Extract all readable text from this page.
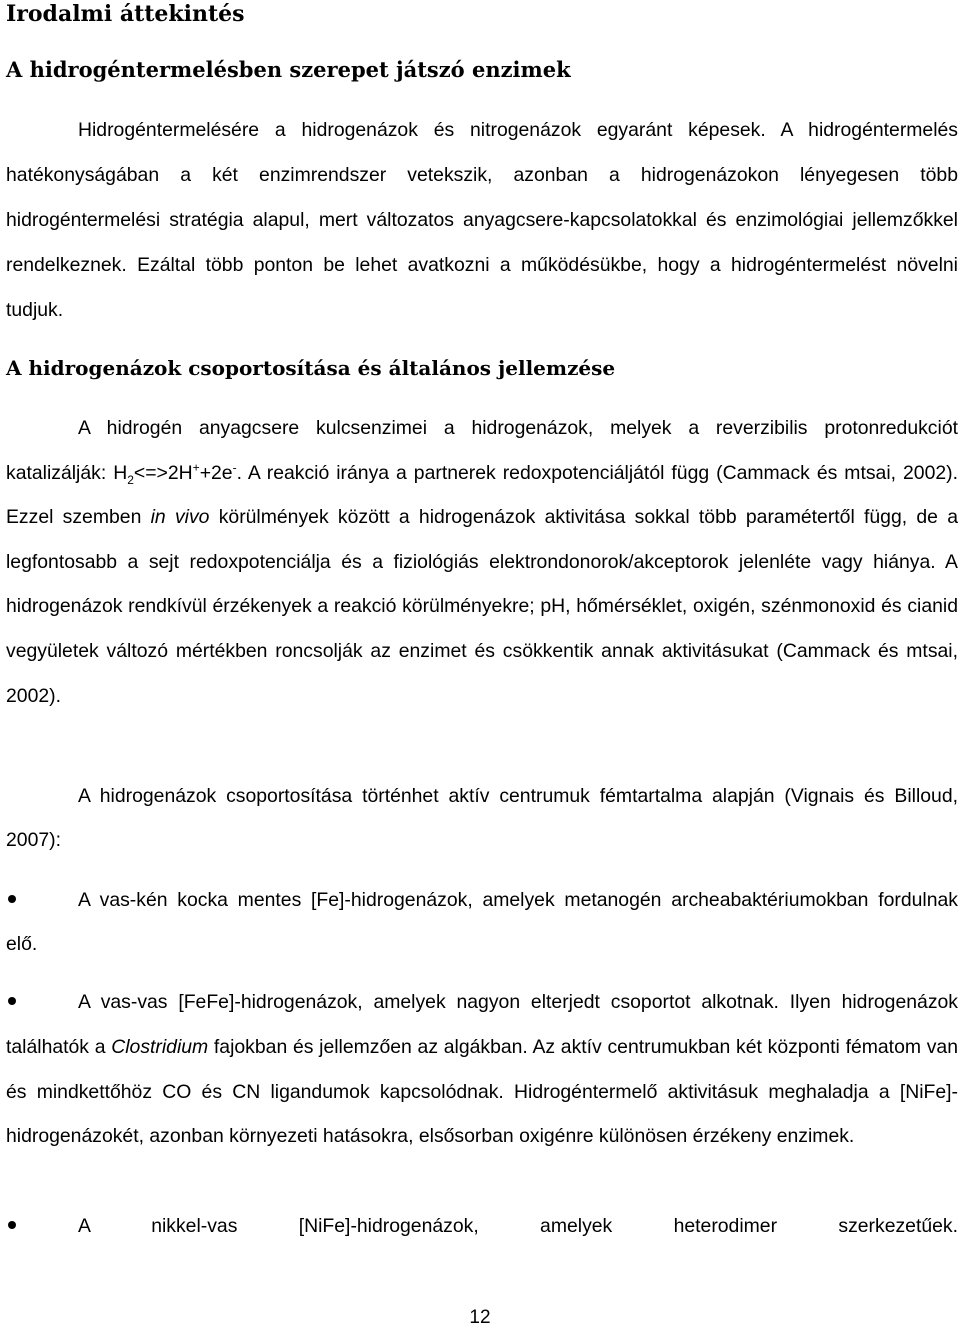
Irodalmi áttekintés
A hidrogéntermelésben szerepet játszó enzimek

Hidrogéntermelésére a hidrogenázok és nitrogenázok egyaránt képesek. A hidrogéntermelés hatékonyságában a két enzimrendszer vetekszik, azonban a hidrogenázokon lényegesen több hidrogéntermelési stratégia alapul, mert változatos anyagcsere-kapcsolatokkal és enzimológiai jellemzőkkel rendelkeznek. Ezáltal több ponton be lehet avatkozni a működésükbe, hogy a hidrogéntermelést növelni tudjuk.

A hidrogenázok csoportosítása és általános jellemzése

A hidrogén anyagcsere kulcsenzimei a hidrogenázok, melyek a reverzibilis protonredukciót katalizálják: $H_2<=>2H^++2e^-$. A reakció iránya a partnerek redoxpotenciáljától függ (Cammack és mtsai, 2002). Ezzel szemben in vivo körülmények között a hidrogenázok aktivitása sokkal több paramétertől függ, de a legfontosabb a sejt redoxpotenciálja és a fiziológiás elektrondonorok/akceptorok jelenléte vagy hiánya. A hidrogenázok rendkívül érzékenyek a reakció körülményekre; pH, hőmérséklet, oxigén, szénmonoxid és cianid vegyületek változó mértékben roncsolják az enzimet és csökkentik annak aktivitásukat (Cammack és mtsai, 2002).

A hidrogenázok csoportosítása történhet aktív centrumuk fémtartalma alapján (Vignais és Billoud, 2007):

A vas-kén kocka mentes [Fe]-hidrogenázok, amelyek metanogén archeabaktériumokban fordulnak elő.

A vas-vas [FeFe]-hidrogenázok, amelyek nagyon elterjedt csoportot alkotnak. Ilyen hidrogenázok találhatók a Clostridium fajokban és jellemzően az algákban. Az aktív centrumukban két központi fématom van és mindkettőhöz CO és CN ligandumok kapcsolódnak. Hidrogéntermelő aktivitásuk meghaladja a [NiFe]-hidrogenázokét, azonban környezeti hatásokra, elsősorban oxigénre különösen érzékeny enzimek.

A nikkel-vas [NiFe]-hidrogenázok, amelyek heterodimer szerkezetűek.

12
